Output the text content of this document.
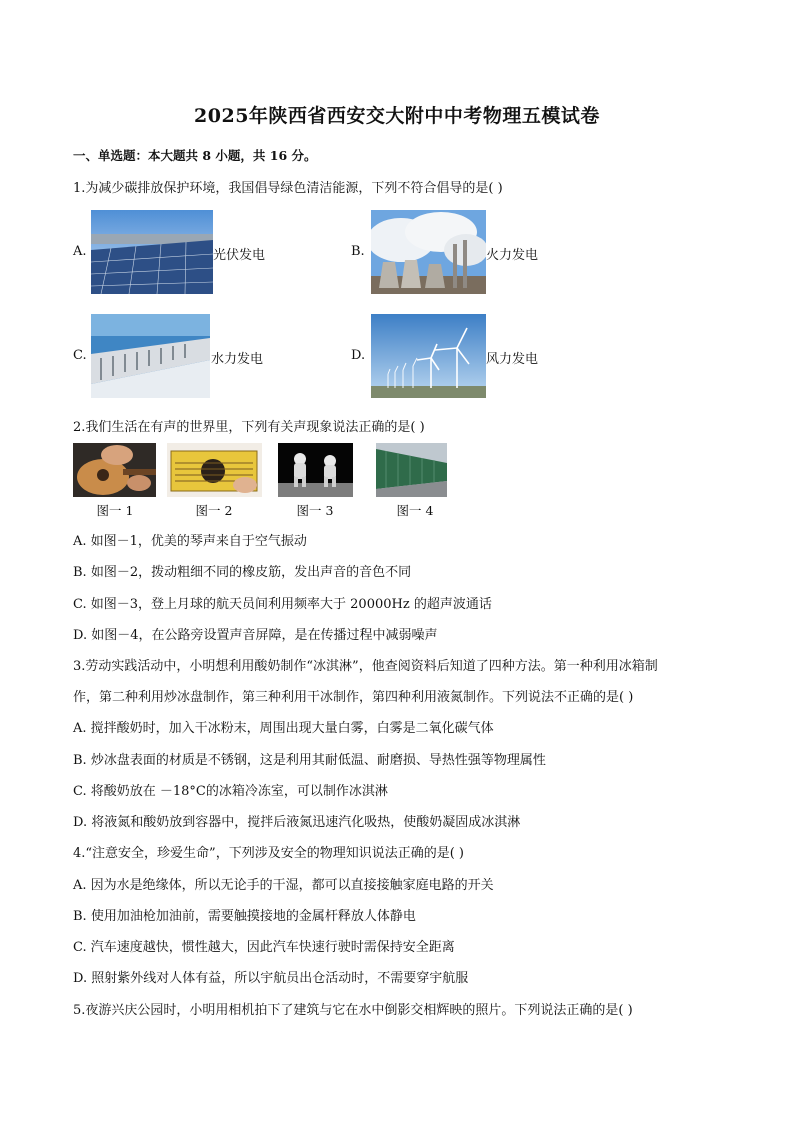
2025年陕西省西安交大附中中考物理五模试卷
一、单选题：本大题共 8 小题，共 16 分。
1.为减少碳排放保护环境，我国倡导绿色清洁能源，下列不符合倡导的是( )
A.	光伏发电	B.	火力发电
C.	水力发电	D.	风力发电
2.我们生活在有声的世界里，下列有关声现象说法正确的是( )
图一 1	图一 2	图一 3	图一 4
A. 如图－1，优美的琴声来自于空气振动
B. 如图－2，拨动粗细不同的橡皮筋，发出声音的音色不同
C. 如图－3，登上月球的航天员间利用频率大于 20000Hz 的超声波通话
D. 如图－4，在公路旁设置声音屏障，是在传播过程中减弱噪声
3.劳动实践活动中，小明想利用酸奶制作“冰淇淋”，他查阅资料后知道了四种方法。第一种利用冰箱制
作，第二种利用炒冰盘制作，第三种利用干冰制作，第四种利用液氮制作。下列说法不正确的是( )
A. 搅拌酸奶时，加入干冰粉末，周围出现大量白雾，白雾是二氧化碳气体
B. 炒冰盘表面的材质是不锈钢，这是利用其耐低温、耐磨损、导热性强等物理属性
C. 将酸奶放在 －18°C的冰箱冷冻室，可以制作冰淇淋
D. 将液氮和酸奶放到容器中，搅拌后液氮迅速汽化吸热，使酸奶凝固成冰淇淋
4.“注意安全，珍爱生命”，下列涉及安全的物理知识说法正确的是( )
A. 因为水是绝缘体，所以无论手的干湿，都可以直接接触家庭电路的开关
B. 使用加油枪加油前，需要触摸接地的金属杆释放人体静电
C. 汽车速度越快，惯性越大，因此汽车快速行驶时需保持安全距离
D. 照射紫外线对人体有益，所以宇航员出仓活动时，不需要穿宇航服
5.夜游兴庆公园时，小明用相机拍下了建筑与它在水中倒影交相辉映的照片。下列说法正确的是( )
